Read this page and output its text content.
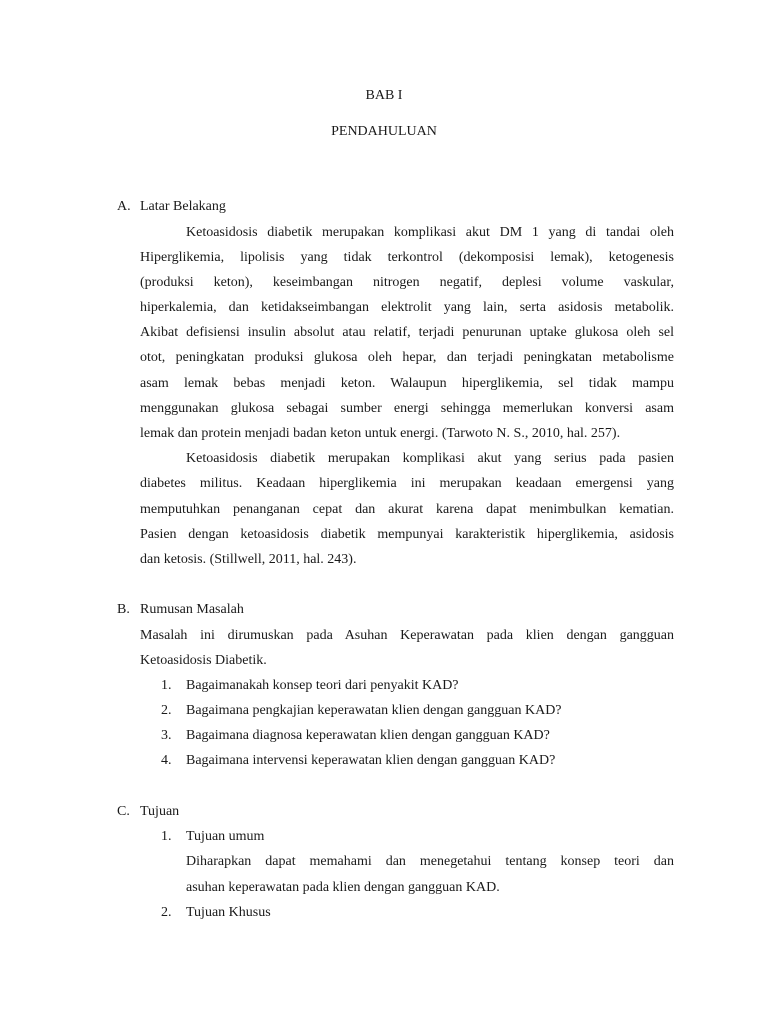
BAB I
PENDAHULUAN
A. Latar Belakang
Ketoasidosis diabetik merupakan komplikasi akut DM 1 yang di tandai oleh
Hiperglikemia, lipolisis yang tidak terkontrol (dekomposisi lemak), ketogenesis
(produksi keton), keseimbangan nitrogen negatif, deplesi volume vaskular,
hiperkalemia, dan ketidakseimbangan elektrolit yang lain, serta asidosis metabolik.
Akibat defisiensi insulin absolut atau relatif, terjadi penurunan uptake glukosa oleh sel
otot, peningkatan produksi glukosa oleh hepar, dan terjadi peningkatan metabolisme
asam lemak bebas menjadi keton. Walaupun hiperglikemia, sel tidak mampu
menggunakan glukosa sebagai sumber energi sehingga memerlukan konversi asam
lemak dan protein menjadi badan keton untuk energi. (Tarwoto N. S., 2010, hal. 257).
Ketoasidosis diabetik merupakan komplikasi akut yang serius pada pasien
diabetes militus. Keadaan hiperglikemia ini merupakan keadaan emergensi yang
memputuhkan penanganan cepat dan akurat karena dapat menimbulkan kematian.
Pasien dengan ketoasidosis diabetik mempunyai karakteristik hiperglikemia, asidosis
dan ketosis. (Stillwell, 2011, hal. 243).
B. Rumusan Masalah
Masalah ini dirumuskan pada Asuhan Keperawatan pada klien dengan gangguan
Ketoasidosis Diabetik.
1. Bagaimanakah konsep teori dari penyakit KAD?
2. Bagaimana pengkajian keperawatan klien dengan gangguan KAD?
3. Bagaimana diagnosa keperawatan klien dengan gangguan KAD?
4. Bagaimana intervensi keperawatan klien dengan gangguan KAD?
C. Tujuan
1. Tujuan umum
Diharapkan dapat memahami dan menegetahui tentang konsep teori dan
asuhan keperawatan pada klien dengan gangguan KAD.
2. Tujuan Khusus
